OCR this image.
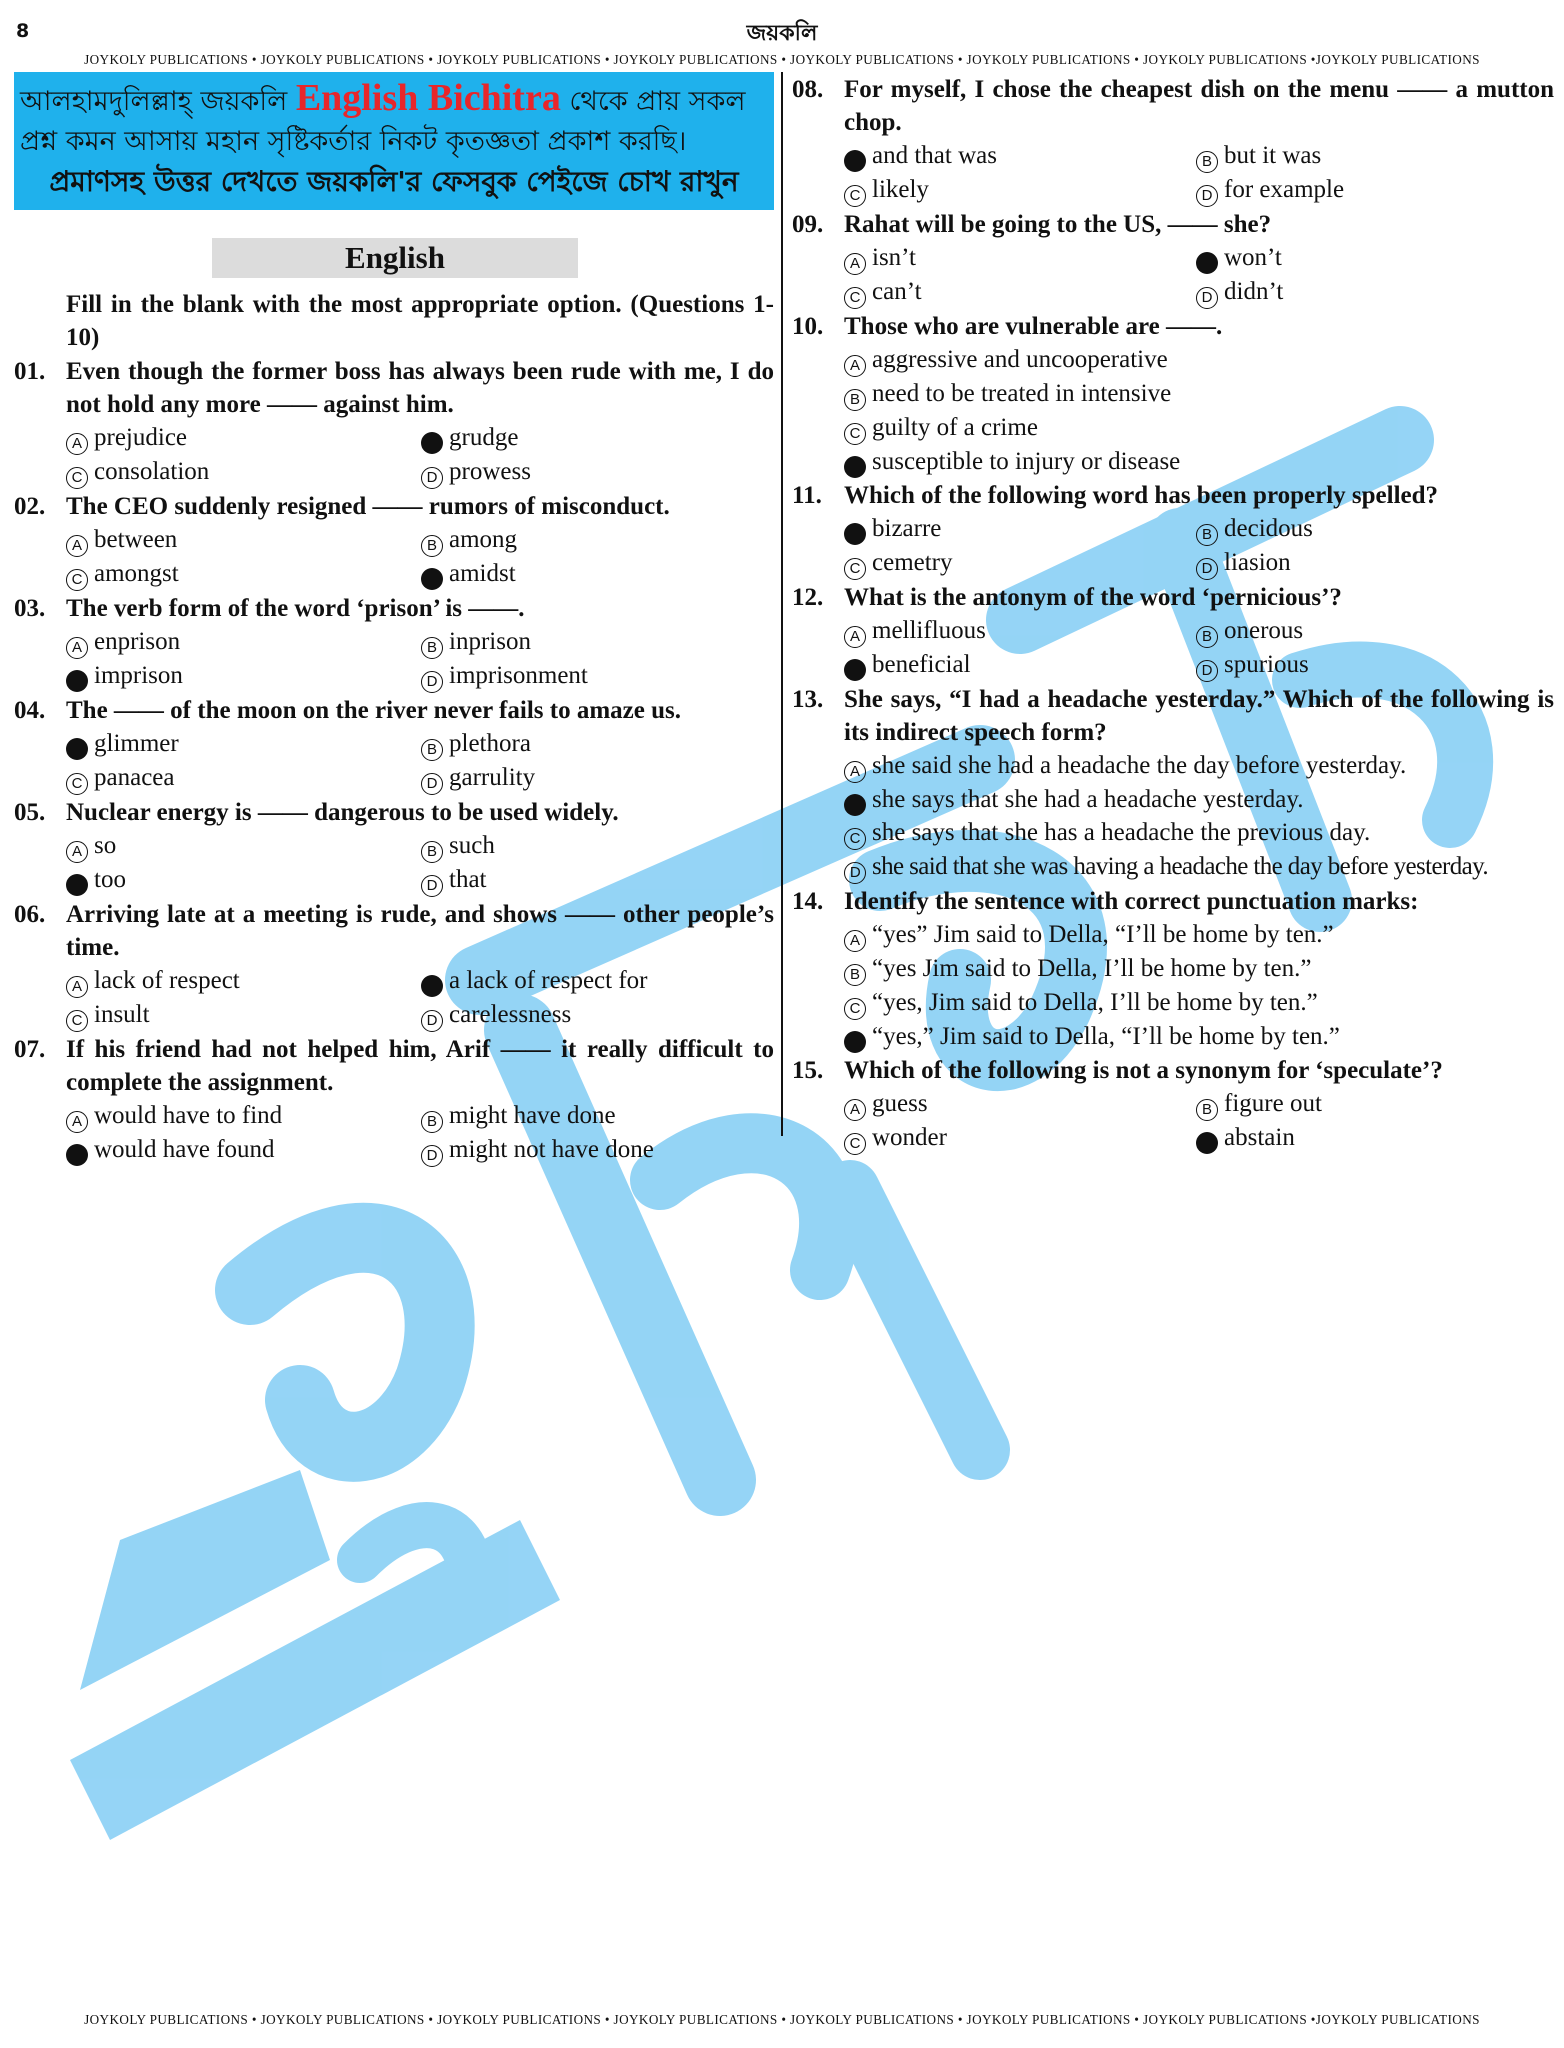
8	জয়কলি
JOYKOLY PUBLICATIONS • JOYKOLY PUBLICATIONS • JOYKOLY PUBLICATIONS • JOYKOLY PUBLICATIONS • JOYKOLY PUBLICATIONS • JOYKOLY PUBLICATIONS • JOYKOLY PUBLICATIONS •JOYKOLY PUBLICATIONS
আলহামদুলিল্লাহ্ জয়কলি English Bichitra থেকে প্রায় সকল
প্রশ্ন কমন আসায় মহান সৃষ্টিকর্তার নিকট কৃতজ্ঞতা প্রকাশ করছি।
প্রমাণসহ উত্তর দেখতে জয়কলি'র ফেসবুক পেইজে চোখ রাখুন
English
Fill in the blank with the most appropriate option. (Questions 1-10)
01. Even though the former boss has always been rude with me, I do not hold any more —— against him.
A prejudice	grudge
C consolation	D prowess
02. The CEO suddenly resigned —— rumors of misconduct.
A between	B among
C amongst	amidst
03. The verb form of the word ‘prison’ is ——.
A enprison	B inprison
imprison	D imprisonment
04. The —— of the moon on the river never fails to amaze us.
glimmer	B plethora
C panacea	D garrulity
05. Nuclear energy is —— dangerous to be used widely.
A so	B such
too	D that
06. Arriving late at a meeting is rude, and shows —— other people’s time.
A lack of respect	a lack of respect for
C insult	D carelessness
07. If his friend had not helped him, Arif —— it really difficult to complete the assignment.
A would have to find	B might have done
would have found	D might not have done
08. For myself, I chose the cheapest dish on the menu —— a mutton chop.
and that was	B but it was
C likely	D for example
09. Rahat will be going to the US, —— she?
A isn’t	won’t
C can’t	D didn’t
10. Those who are vulnerable are ——.
A aggressive and uncooperative
B need to be treated in intensive
C guilty of a crime
susceptible to injury or disease
11. Which of the following word has been properly spelled?
bizarre	B decidous
C cemetry	D liasion
12. What is the antonym of the word ‘pernicious’?
A mellifluous	B onerous
beneficial	D spurious
13. She says, “I had a headache yesterday.” Which of the following is its indirect speech form?
A she said she had a headache the day before yesterday.
she says that she had a headache yesterday.
C she says that she has a headache the previous day.
D she said that she was having a headache the day before yesterday.
14. Identify the sentence with correct punctuation marks:
A “yes” Jim said to Della, “I’ll be home by ten.”
B “yes Jim said to Della, I’ll be home by ten.”
C “yes, Jim said to Della, I’ll be home by ten.”
“yes,” Jim said to Della, “I’ll be home by ten.”
15. Which of the following is not a synonym for ‘speculate’?
A guess	B figure out
C wonder	abstain
JOYKOLY PUBLICATIONS • JOYKOLY PUBLICATIONS • JOYKOLY PUBLICATIONS • JOYKOLY PUBLICATIONS • JOYKOLY PUBLICATIONS • JOYKOLY PUBLICATIONS • JOYKOLY PUBLICATIONS •JOYKOLY PUBLICATIONS
